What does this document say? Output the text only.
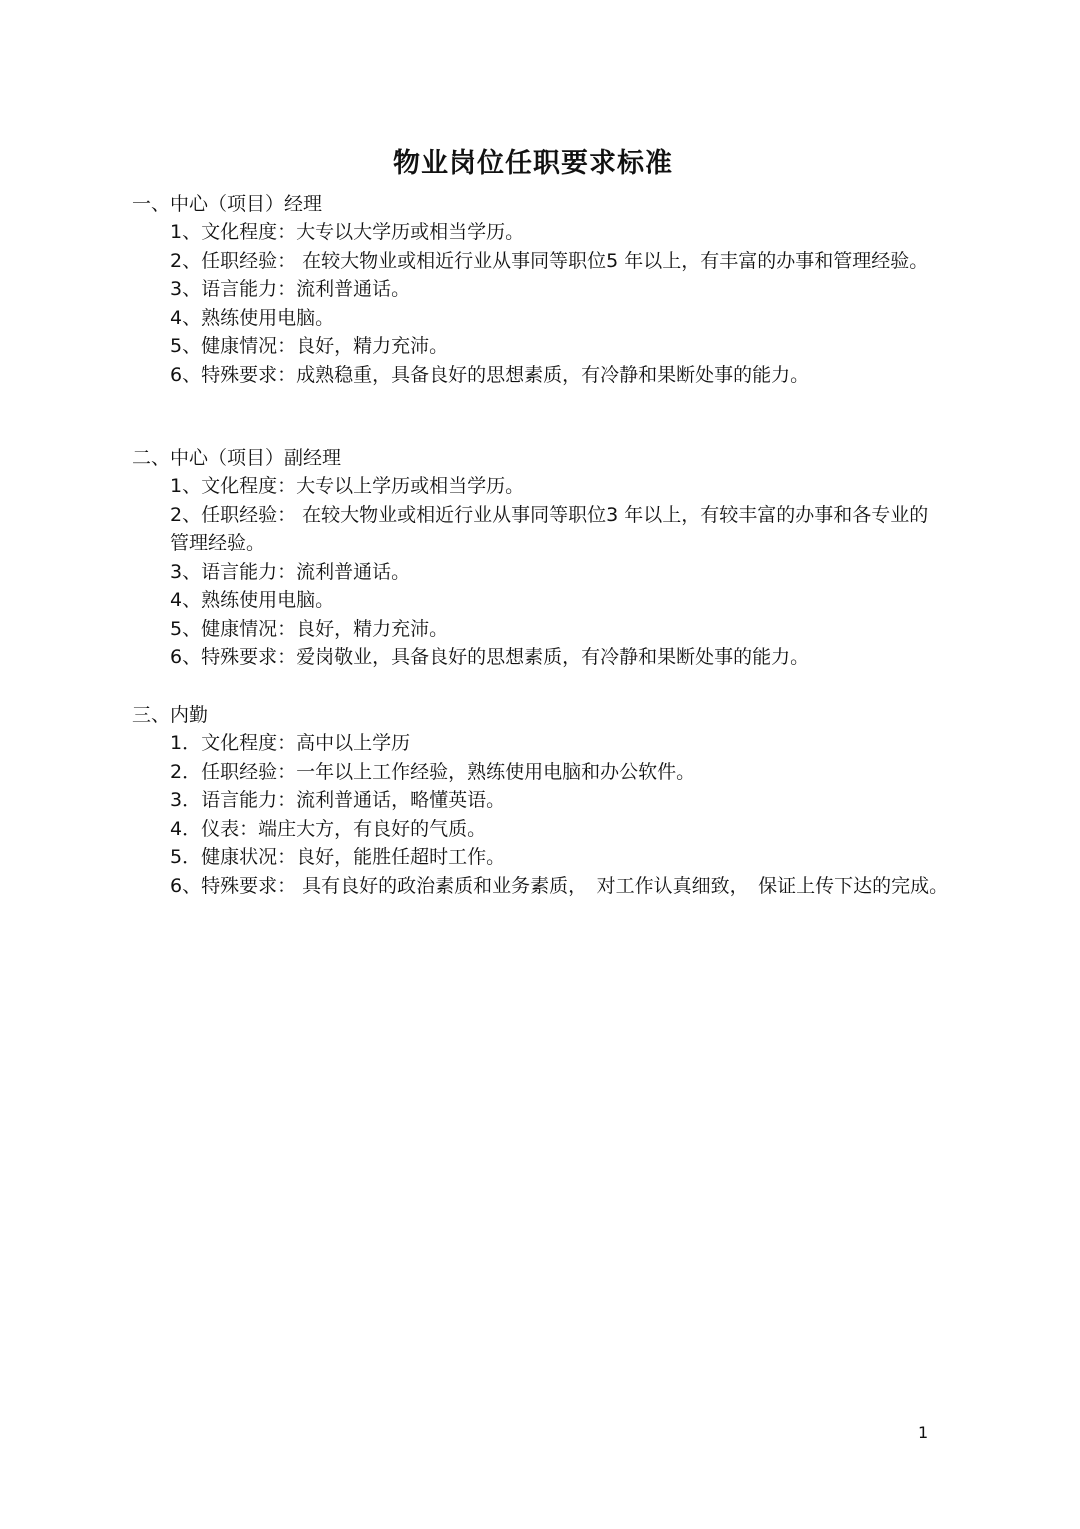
物业岗位任职要求标准
一、中心（项目）经理
1、文化程度：大专以大学历或相当学历。
2、任职经验： 在较大物业或相近行业从事同等职位5 年以上，有丰富的办事和管理经验。
3、语言能力：流利普通话。
4、熟练使用电脑。
5、健康情况：良好，精力充沛。
6、特殊要求：成熟稳重，具备良好的思想素质，有冷静和果断处事的能力。
二、中心（项目）副经理
1、文化程度：大专以上学历或相当学历。
2、任职经验： 在较大物业或相近行业从事同等职位3 年以上，有较丰富的办事和各专业的管理经验。
3、语言能力：流利普通话。
4、熟练使用电脑。
5、健康情况：良好，精力充沛。
6、特殊要求：爱岗敬业，具备良好的思想素质，有冷静和果断处事的能力。
三、内勤
1．文化程度：高中以上学历
2．任职经验：一年以上工作经验，熟练使用电脑和办公软件。
3．语言能力：流利普通话，略懂英语。
4．仪表：端庄大方，有良好的气质。
5．健康状况：良好，能胜任超时工作。
6、特殊要求： 具有良好的政治素质和业务素质，　对工作认真细致，　保证上传下达的完成。
1
